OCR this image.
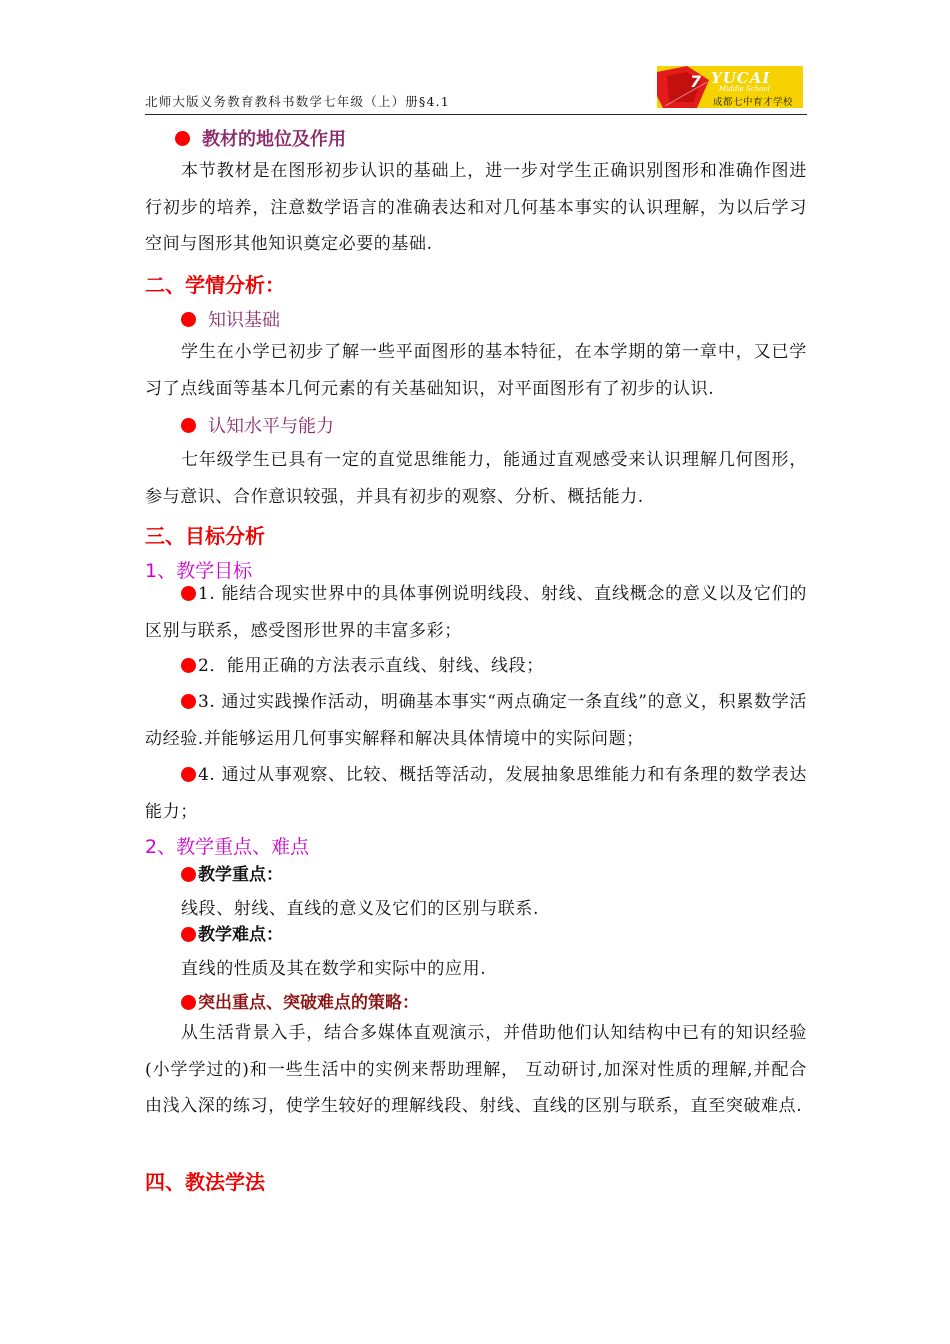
北师大版义务教育教科书数学七年级（上）册§4.1
7 YUCAI
Middle School
成都七中育才学校
教材的地位及作用
本节教材是在图形初步认识的基础上，进一步对学生正确识别图形和准确作图进行初步的培养，注意数学语言的准确表达和对几何基本事实的认识理解，为以后学习空间与图形其他知识奠定必要的基础.
二、学情分析：
知识基础
学生在小学已初步了解一些平面图形的基本特征，在本学期的第一章中，又已学习了点线面等基本几何元素的有关基础知识，对平面图形有了初步的认识.
认知水平与能力
七年级学生已具有一定的直觉思维能力，能通过直观感受来认识理解几何图形，参与意识、合作意识较强，并具有初步的观察、分析、概括能力.
三、目标分析
1、教学目标
1. 能结合现实世界中的具体事例说明线段、射线、直线概念的意义以及它们的区别与联系，感受图形世界的丰富多彩；
2．能用正确的方法表示直线、射线、线段；
3. 通过实践操作活动，明确基本事实“两点确定一条直线”的意义，积累数学活动经验.并能够运用几何事实解释和解决具体情境中的实际问题；
4. 通过从事观察、比较、概括等活动，发展抽象思维能力和有条理的数学表达能力；
2、教学重点、难点
教学重点：
线段、射线、直线的意义及它们的区别与联系.
教学难点：
直线的性质及其在数学和实际中的应用.
突出重点、突破难点的策略：
从生活背景入手，结合多媒体直观演示，并借助他们认知结构中已有的知识经验(小学学过的)和一些生活中的实例来帮助理解， 互动研讨,加深对性质的理解,并配合由浅入深的练习，使学生较好的理解线段、射线、直线的区别与联系，直至突破难点.
四、教法学法
